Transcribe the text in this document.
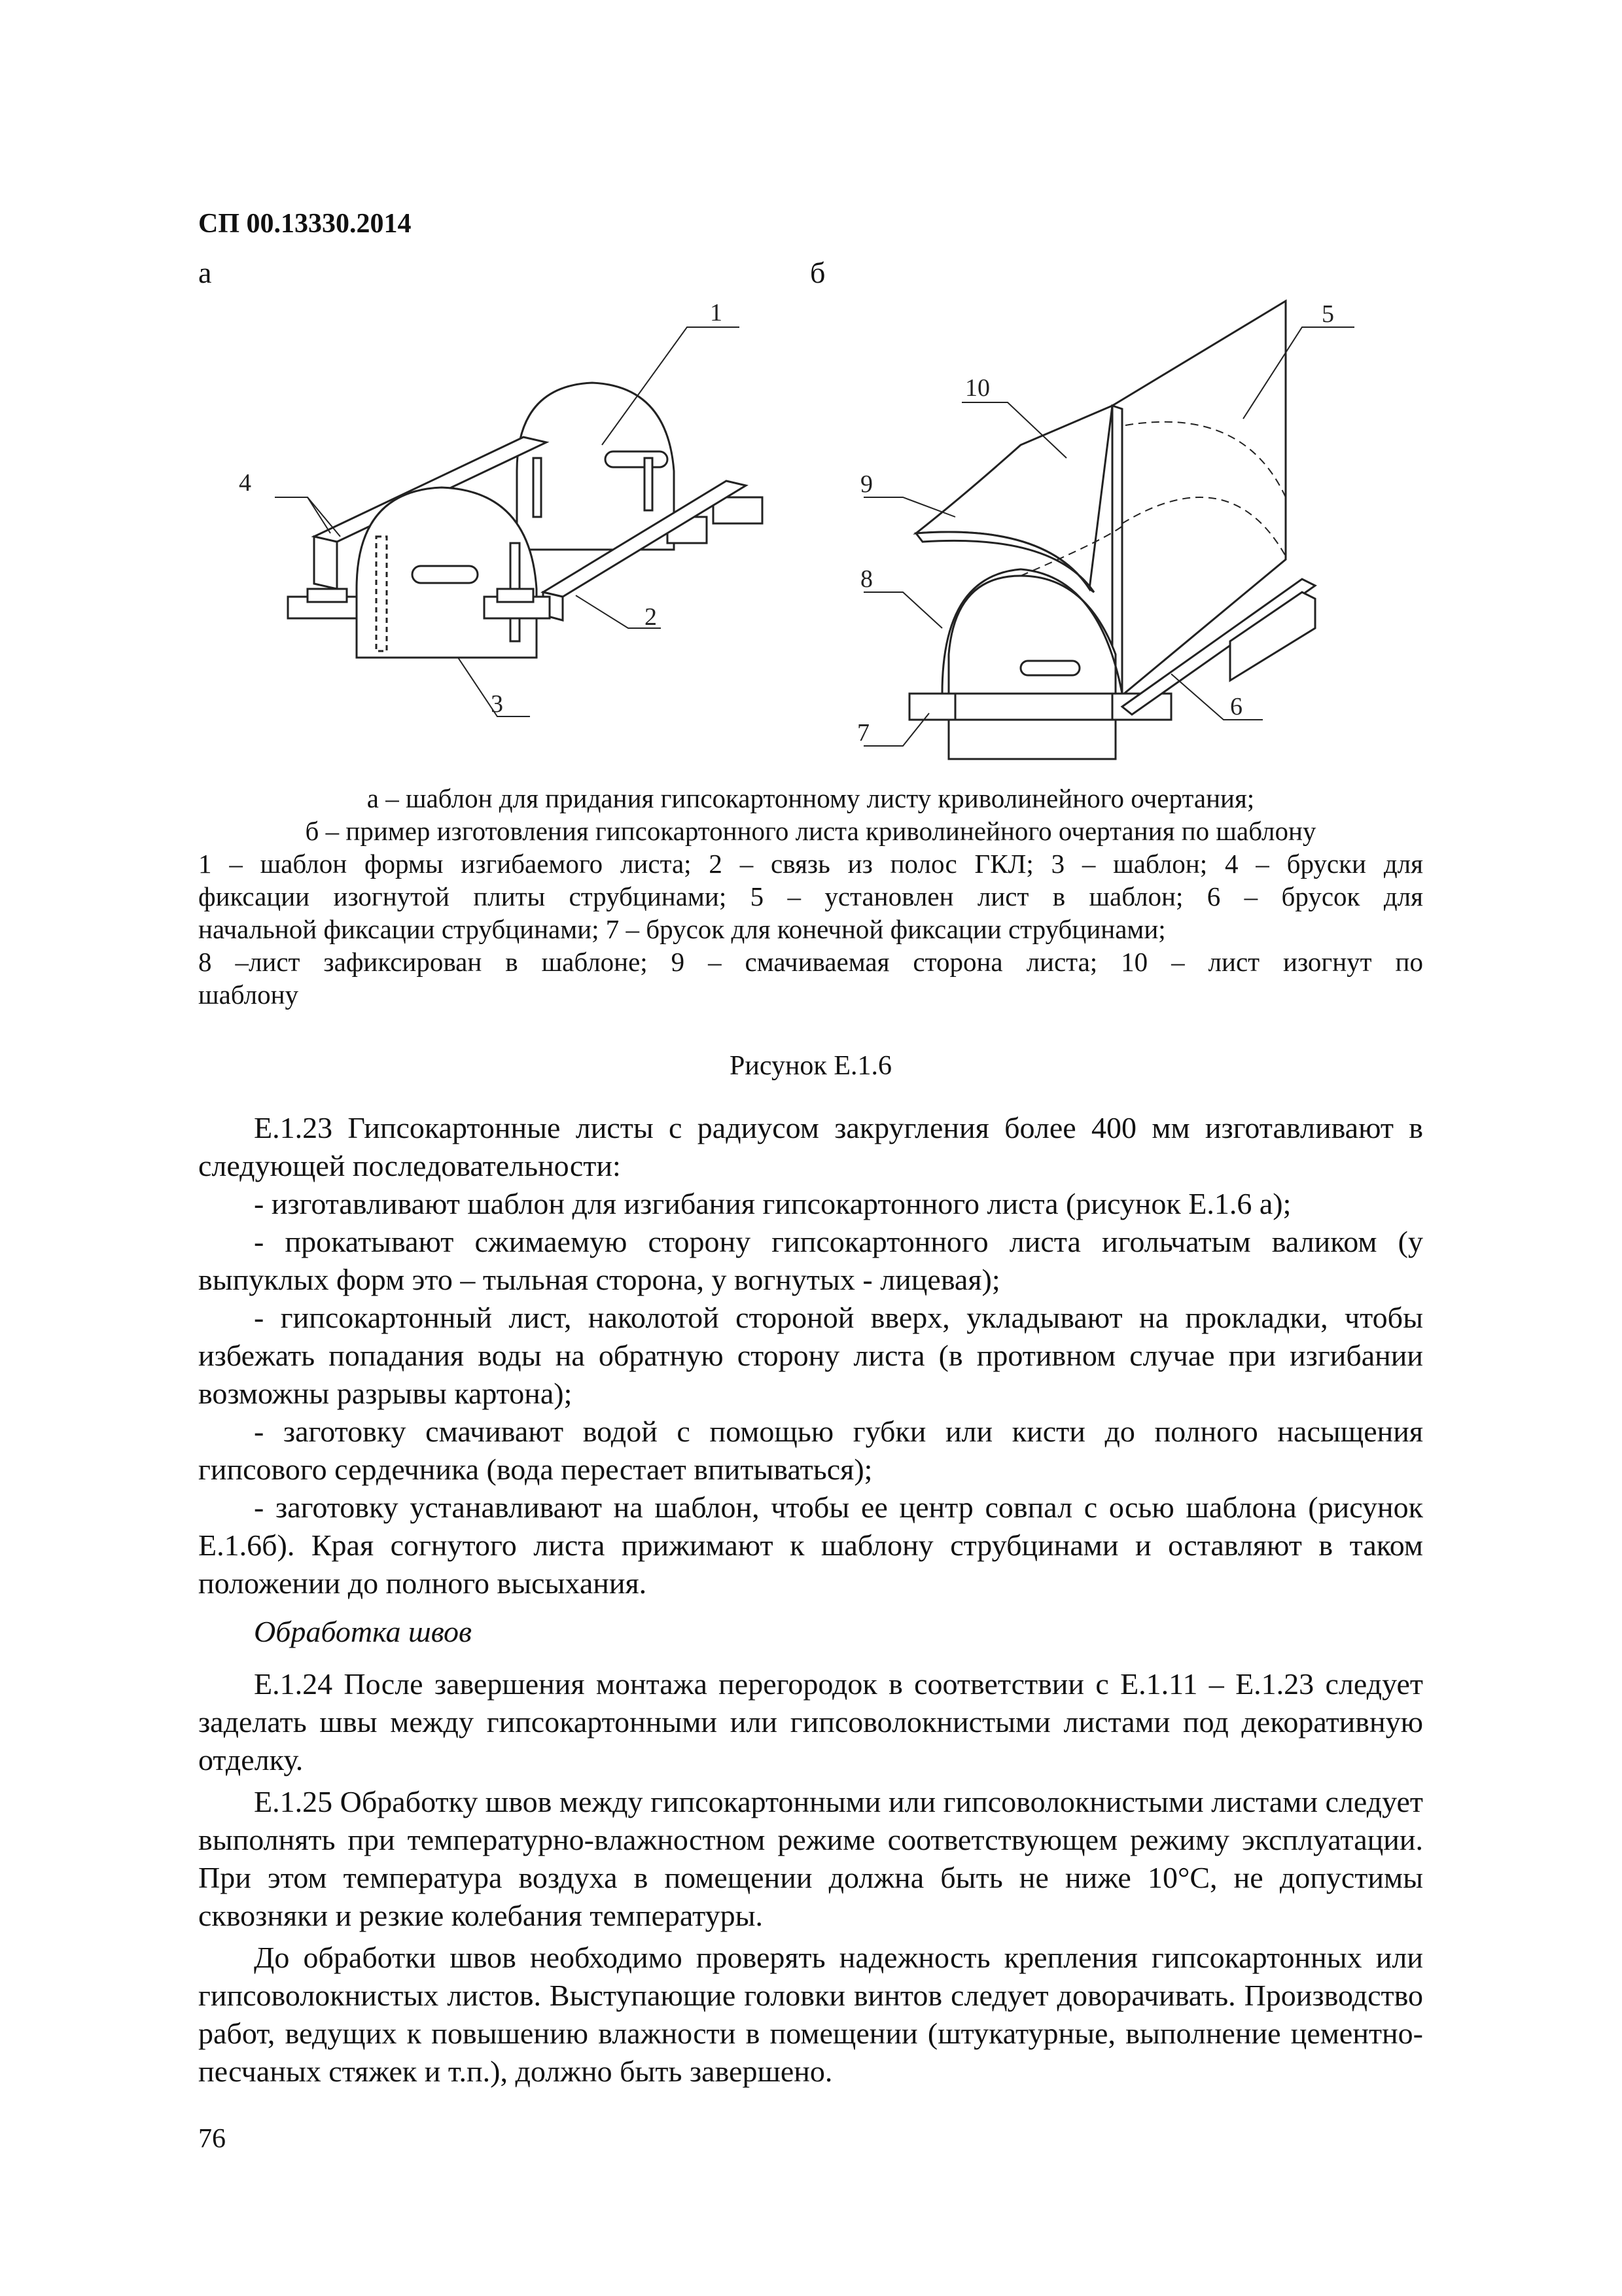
СП 00.13330.2014
а	б
1
2
3
4
5
6
7
8
9
10
а – шаблон для придания гипсокартонному листу криволинейного очертания;
б – пример изготовления гипсокартонного листа криволинейного очертания по шаблону
1 – шаблон формы изгибаемого листа; 2 – связь из полос ГКЛ; 3 – шаблон; 4 – бруски для
фиксации изогнутой плиты струбцинами; 5 – установлен лист в шаблон; 6 – брусок для
начальной фиксации струбцинами; 7 – брусок для конечной фиксации струбцинами;
8 –лист зафиксирован в шаблоне; 9 – смачиваемая сторона листа; 10 – лист изогнут по
шаблону
Рисунок Е.1.6

Е.1.23 Гипсокартонные листы с радиусом закругления более 400 мм изготавливают в следующей последовательности:

- изготавливают шаблон для изгибания гипсокартонного листа (рисунок Е.1.6 а);

- прокатывают сжимаемую сторону гипсокартонного листа игольчатым валиком (у выпуклых форм это – тыльная сторона, у вогнутых - лицевая);

- гипсокартонный лист, наколотой стороной вверх, укладывают на прокладки, чтобы избежать попадания воды на обратную сторону листа (в противном случае при изгибании возможны разрывы картона);

- заготовку смачивают водой с помощью губки или кисти до полного насыщения гипсового сердечника (вода перестает впитываться);

- заготовку устанавливают на шаблон, чтобы ее центр совпал с осью шаблона (рисунок Е.1.6б). Края согнутого листа прижимают к шаблону струбцинами и оставляют в таком положении до полного высыхания.

Обработка швов

Е.1.24 После завершения монтажа перегородок в соответствии с Е.1.11 – Е.1.23 следует заделать швы между гипсокартонными или гипсоволокнистыми листами под декоративную отделку.

Е.1.25 Обработку швов между гипсокартонными или гипсоволокнистыми листами следует выполнять при температурно-влажностном режиме соответствующем режиму эксплуатации. При этом температура воздуха в помещении должна быть не ниже 10°С, не допустимы сквозняки и резкие колебания температуры.

До обработки швов необходимо проверять надежность крепления гипсокартонных или гипсоволокнистых листов. Выступающие головки винтов следует доворачивать. Производство работ, ведущих к повышению влажности в помещении (штукатурные, выполнение цементно-песчаных стяжек и т.п.), должно быть завершено.

76
